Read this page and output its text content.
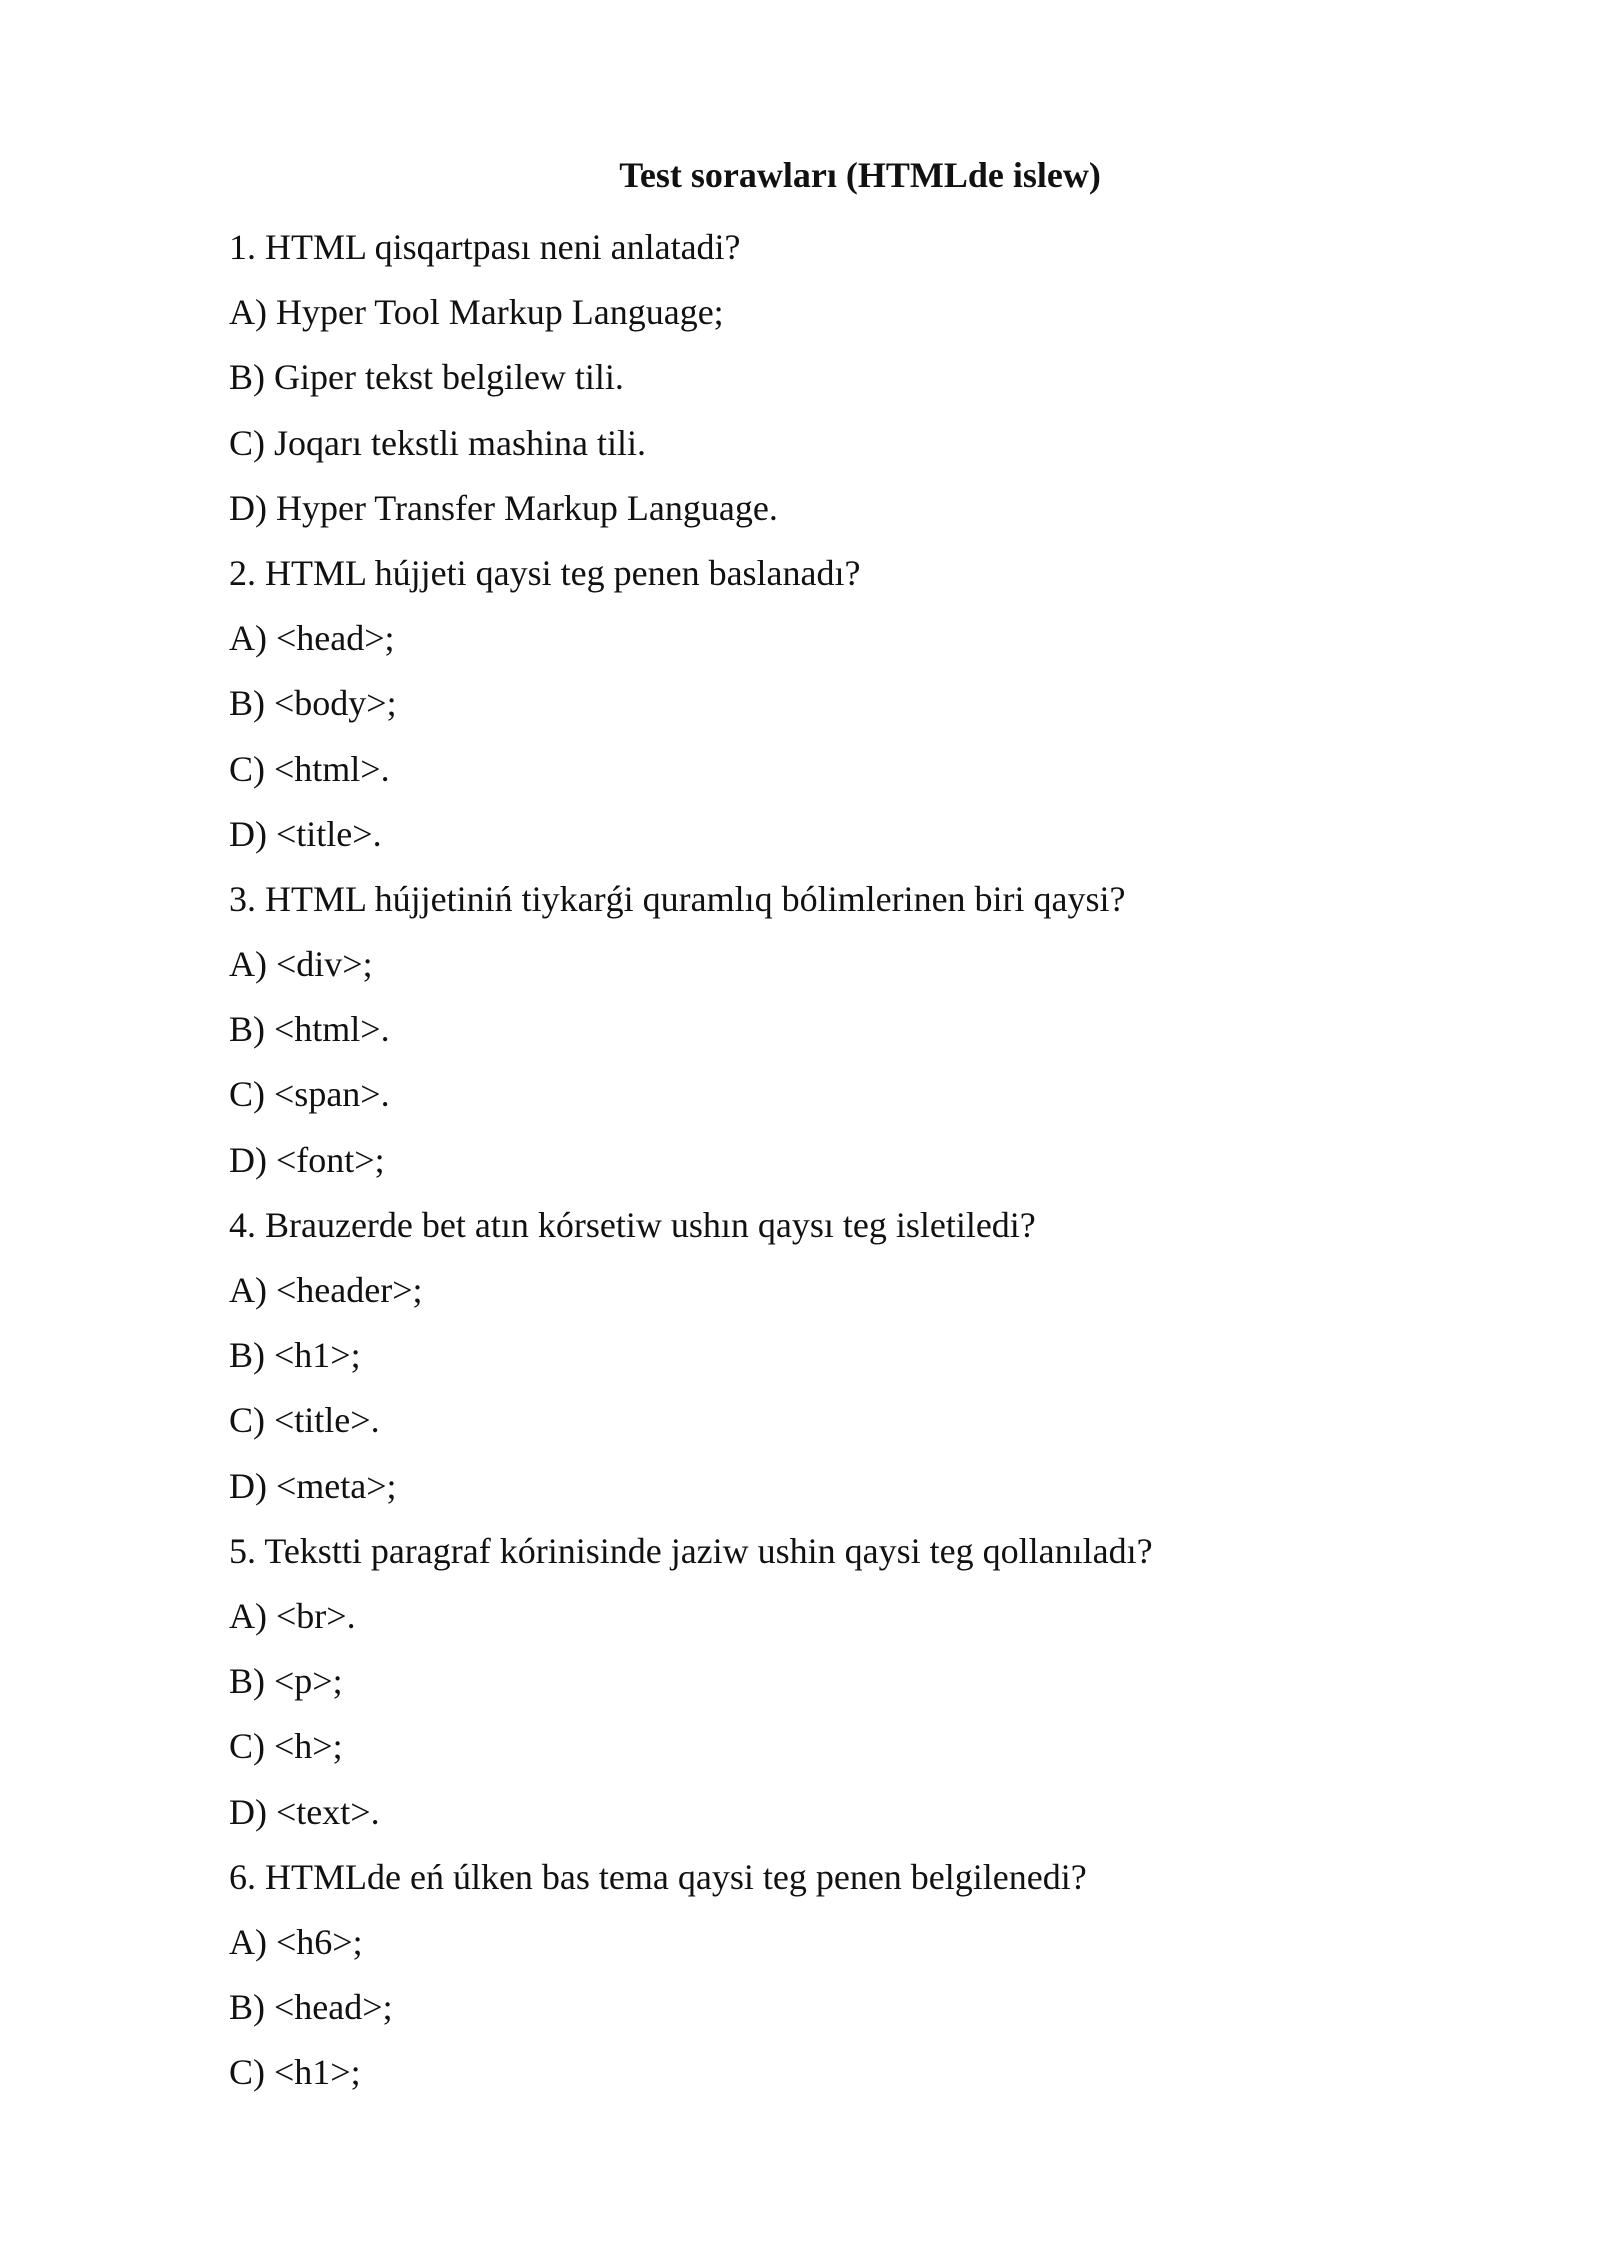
Test sorawları (HTMLde islew)
1. HTML qisqartpası neni anlatadi?
A) Hyper Tool Markup Language;
B) Giper tekst belgilew tili.
C) Joqarı tekstli mashina tili.
D) Hyper Transfer Markup Language.
2. HTML hújjeti qaysi teg penen baslanadı?
A) <head>;
B) <body>;
C) <html>.
D) <title>.
3. HTML hújjetiniń tiykarǵi quramlıq bólimlerinen biri qaysi?
A) <div>;
B) <html>.
C) <span>.
D) <font>;
4. Brauzerde bet atın kórsetiw ushın qaysı teg isletiledi?
A) <header>;
B) <h1>;
C) <title>.
D) <meta>;
5. Tekstti paragraf kórinisinde jaziw ushin qaysi teg qollanıladı?
A) <br>.
B) <p>;
C) <h>;
D) <text>.
6. HTMLde eń úlken bas tema qaysi teg penen belgilenedi?
A) <h6>;
B) <head>;
C) <h1>;
